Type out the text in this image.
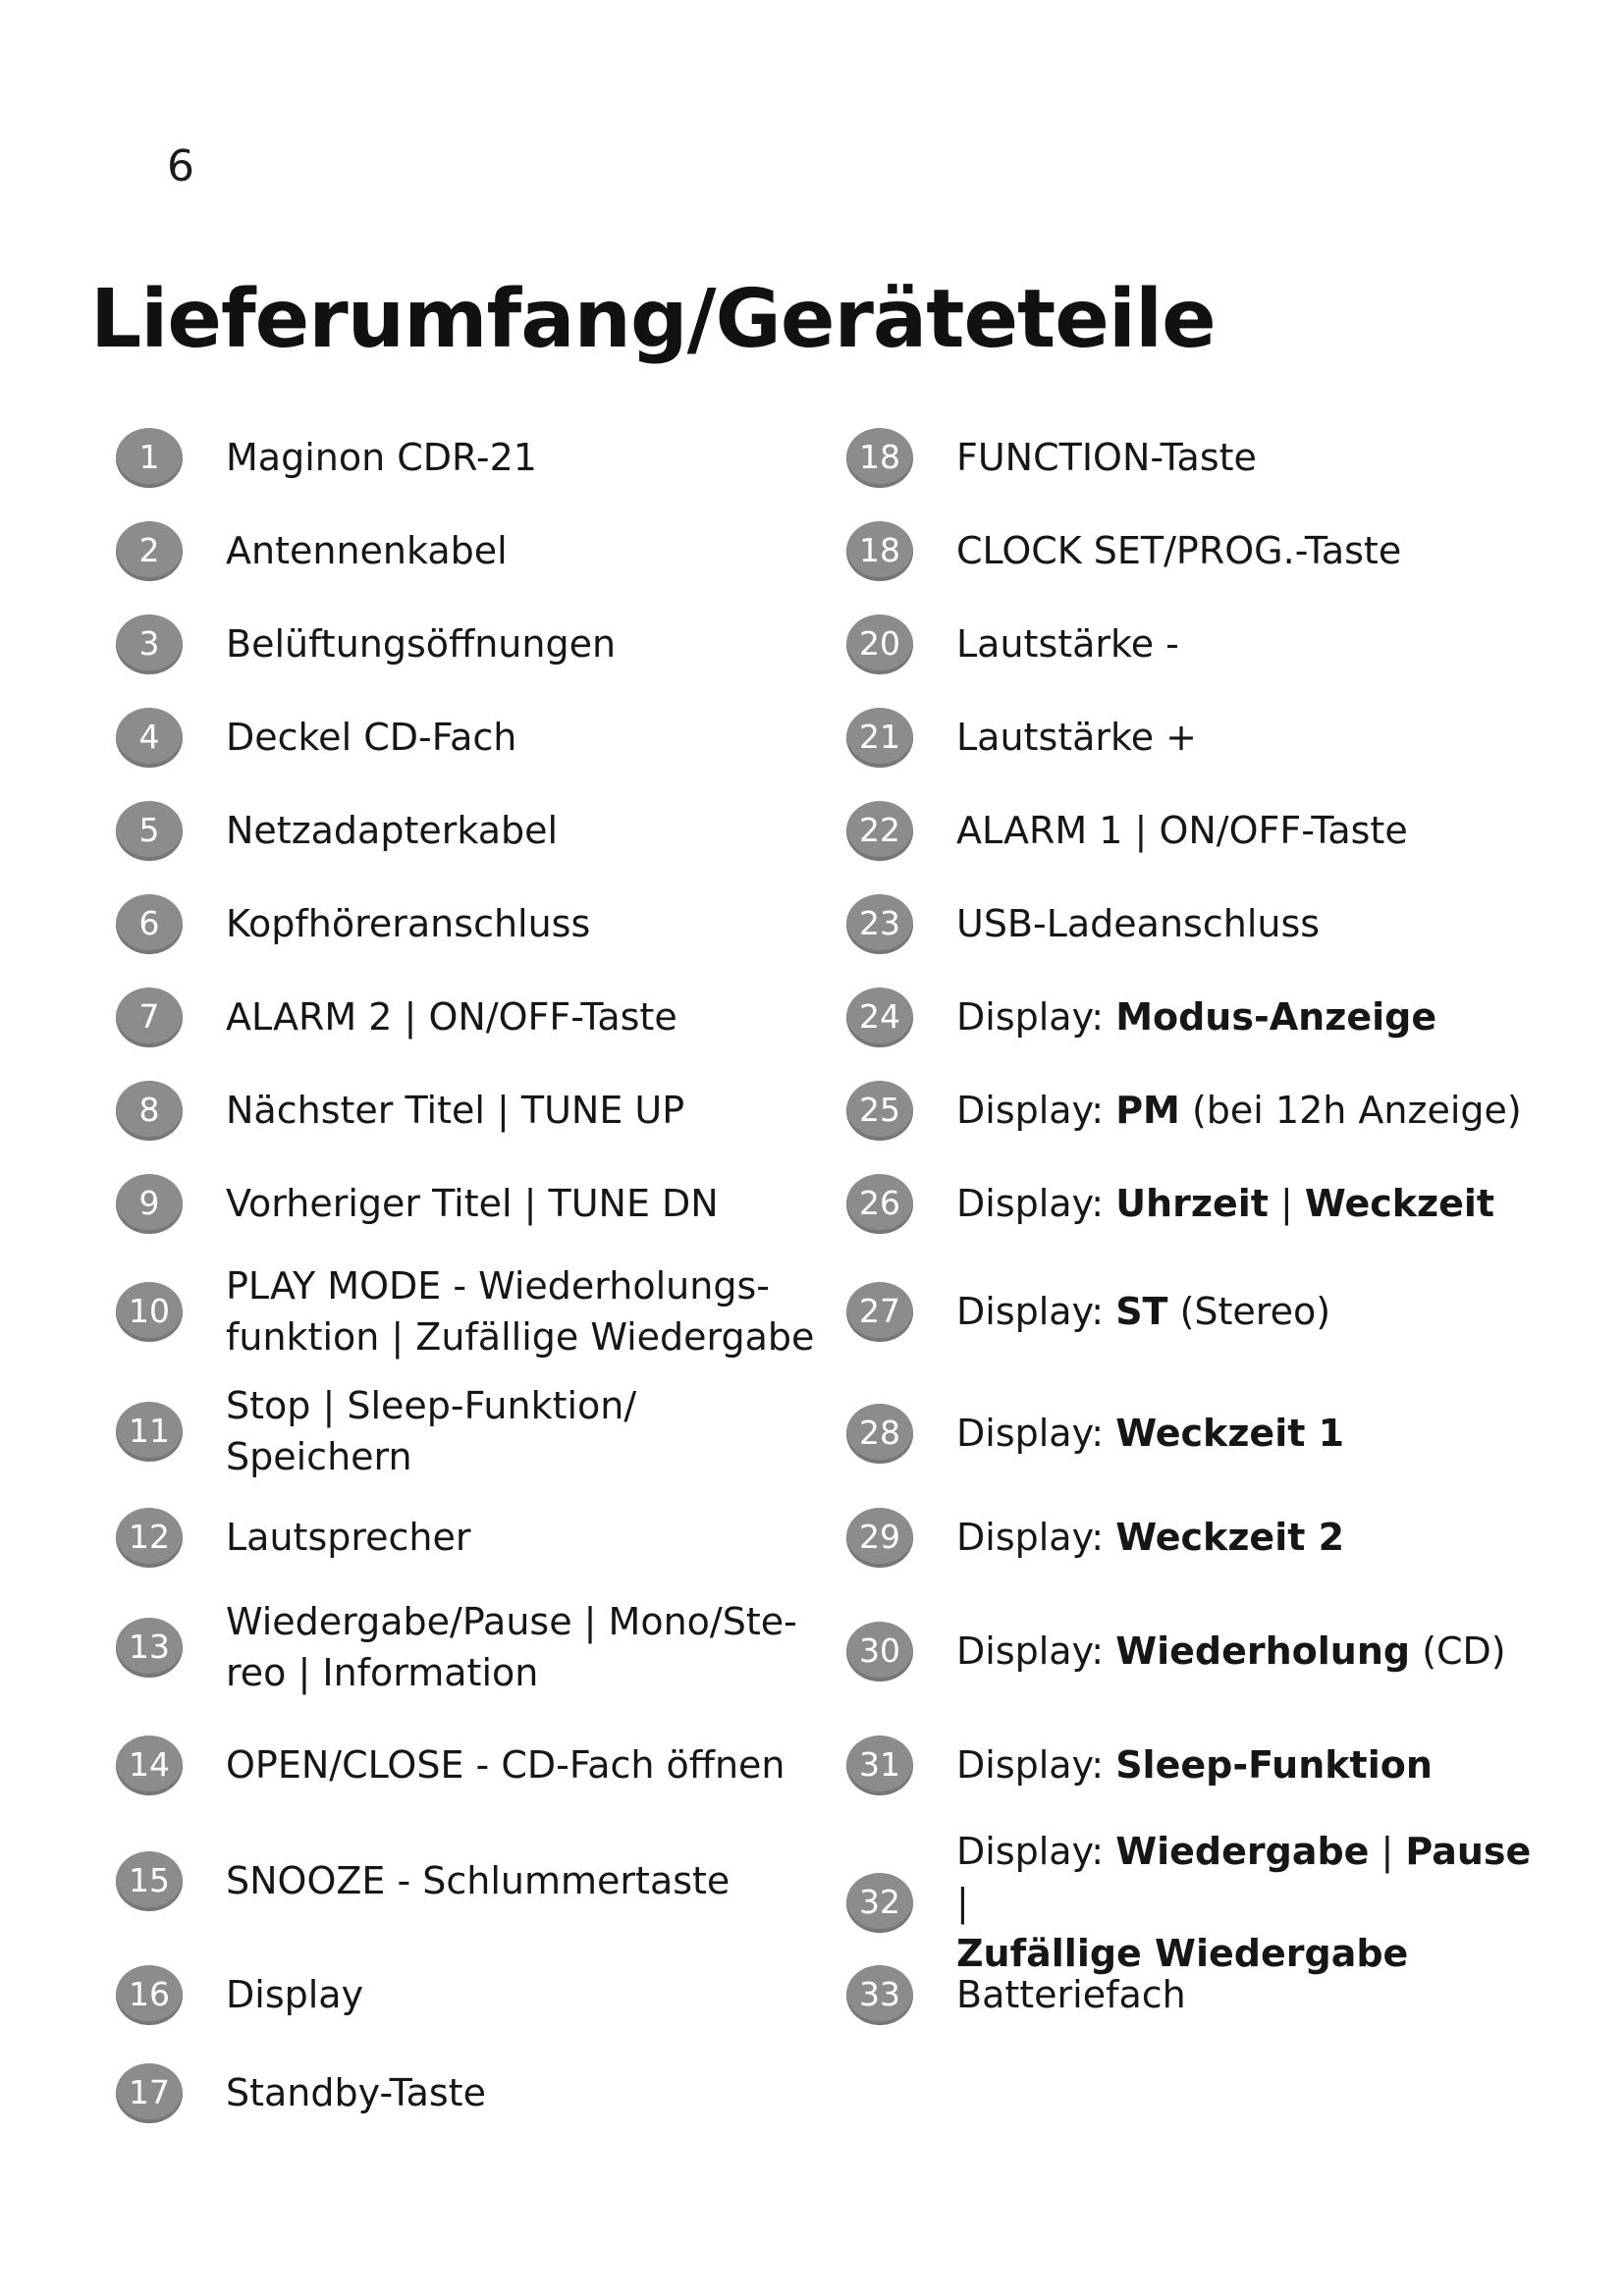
6
Lieferumfang/Geräteteile
1	Maginon CDR-21
2	Antennenkabel
3	Belüftungsöffnungen
4	Deckel CD-Fach
5	Netzadapterkabel
6	Kopfhöreranschluss
7	ALARM 2 | ON/OFF-Taste
8	Nächster Titel | TUNE UP
9	Vorheriger Titel | TUNE DN
10
PLAY MODE - Wiederholungs-
funktion | Zufällige Wiedergabe
11
Stop | Sleep-Funktion/
Speichern
12	Lautsprecher
13
Wiedergabe/Pause | Mono/Ste-
reo | Information
14	OPEN/CLOSE - CD-Fach öffnen
15	SNOOZE - Schlummertaste
16	Display
17	Standby-Taste
18	FUNCTION-Taste
18	CLOCK SET/PROG.-Taste
20	Lautstärke -
21	Lautstärke +
22	ALARM 1 | ON/OFF-Taste
23	USB-Ladeanschluss
24	Display: Modus-Anzeige
25	Display: PM (bei 12h Anzeige)
26	Display: Uhrzeit | Weckzeit
27	Display: ST (Stereo)
28	Display: Weckzeit 1
29	Display: Weckzeit 2
30	Display: Wiederholung (CD)
31	Display: Sleep-Funktion
32
Display: Wiedergabe | Pause |
Zufällige Wiedergabe
33	Batteriefach
